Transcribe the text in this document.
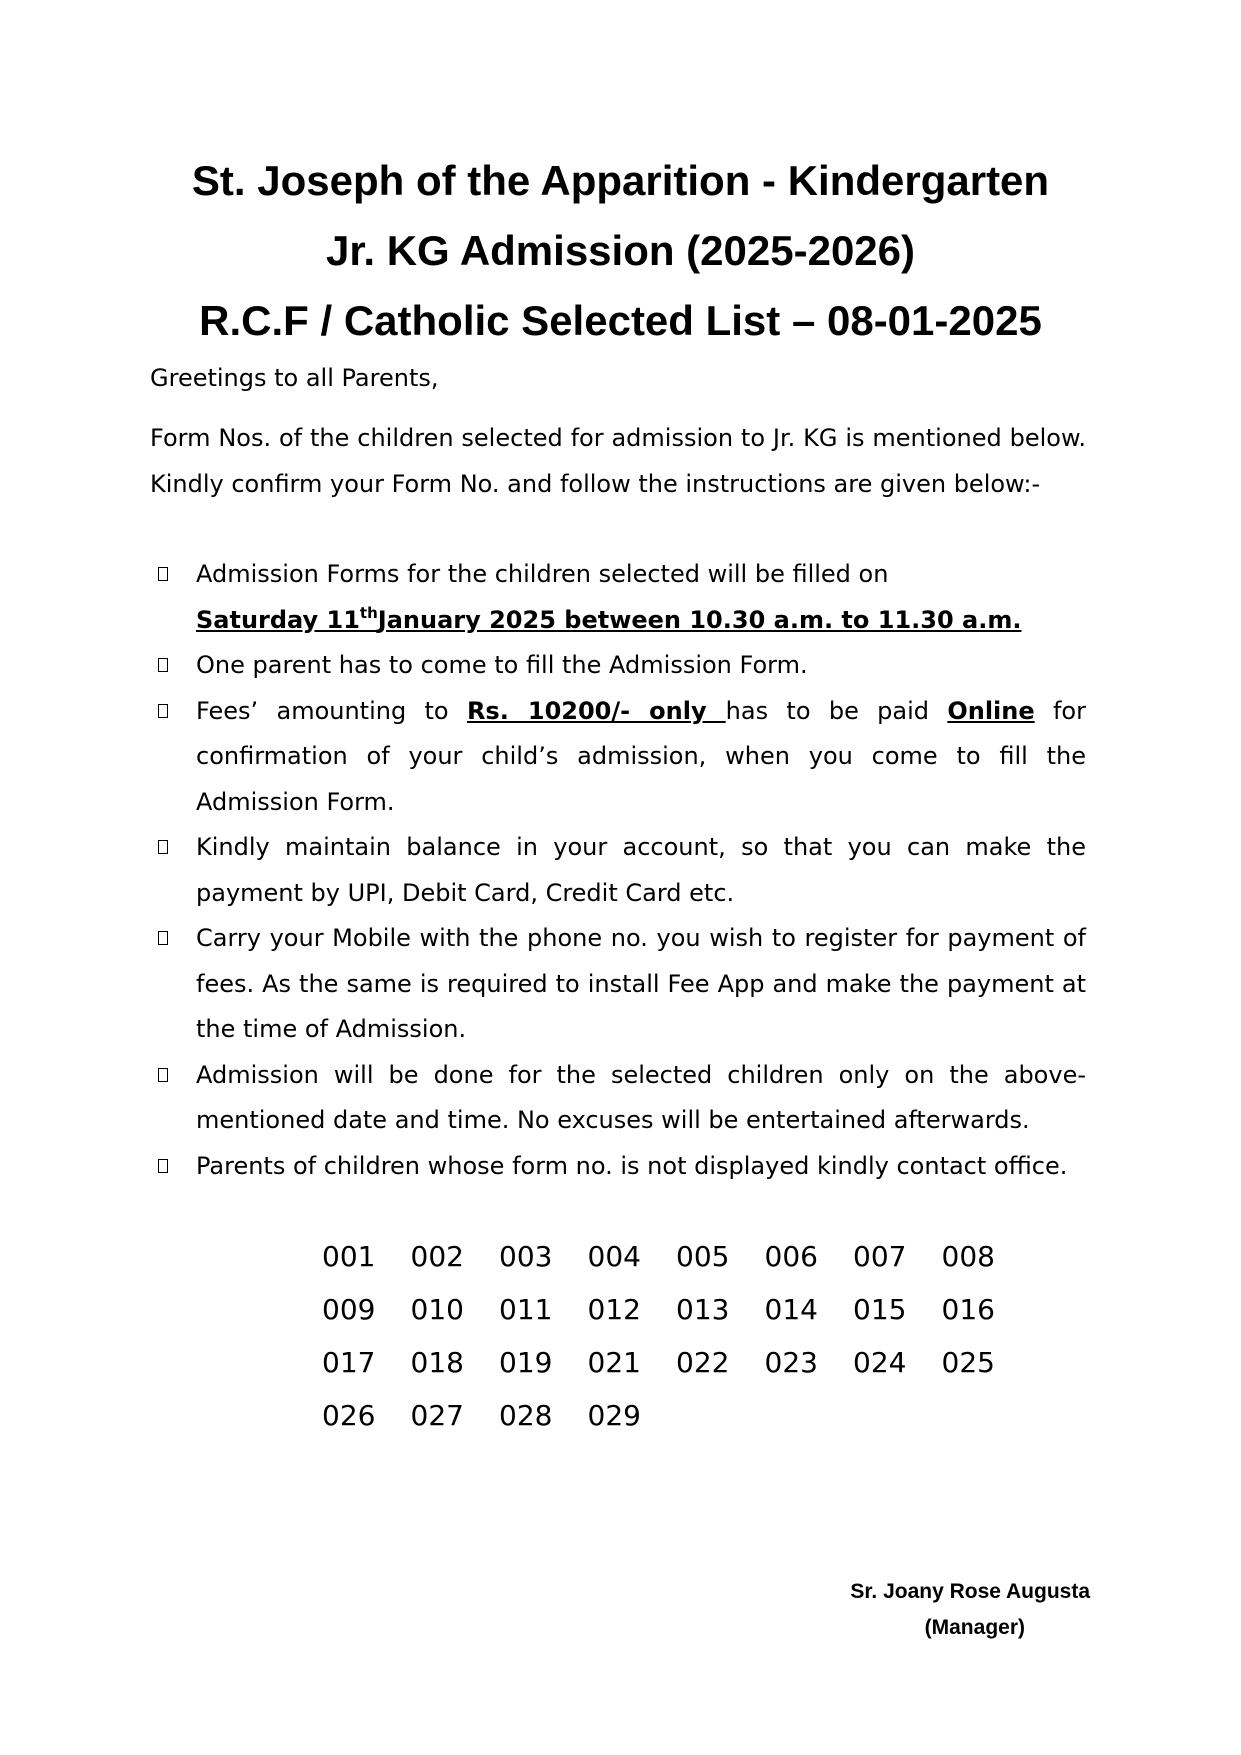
St. Joseph of the Apparition - Kindergarten
Jr. KG Admission (2025-2026)
R.C.F / Catholic Selected List – 08-01-2025
Greetings to all Parents,
Form Nos. of the children selected for admission to Jr. KG is mentioned below. Kindly confirm your Form No. and follow the instructions are given below:-
Admission Forms for the children selected will be filled on
Saturday 11thJanuary 2025 between 10.30 a.m. to 11.30 a.m.
One parent has to come to fill the Admission Form.
Fees’ amounting to Rs. 10200/- only has to be paid Online for confirmation of your child’s admission, when you come to fill the Admission Form.
Kindly maintain balance in your account, so that you can make the payment by UPI, Debit Card, Credit Card etc.
Carry your Mobile with the phone no. you wish to register for payment of fees. As the same is required to install Fee App and make the payment at the time of Admission.
Admission will be done for the selected children only on the above-mentioned date and time. No excuses will be entertained afterwards.
Parents of children whose form no. is not displayed kindly contact office.
001	002	003	004	005	006	007	008
009	010	011	012	013	014	015	016
017	018	019	021	022	023	024	025
026	027	028	029
Sr. Joany Rose Augusta
(Manager)
